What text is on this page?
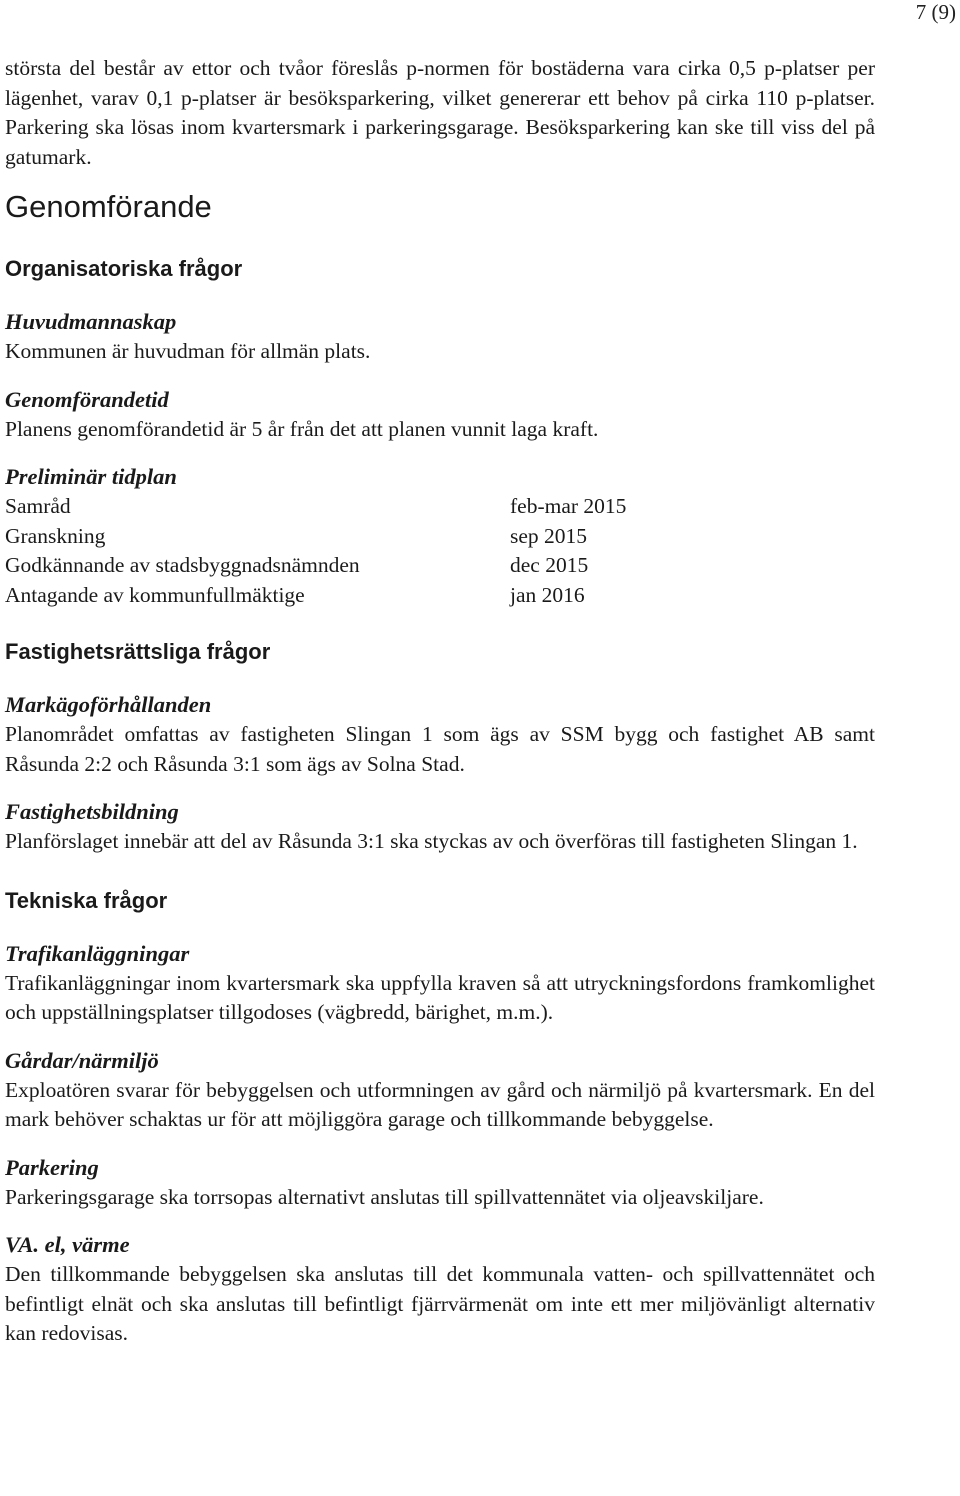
7 (9)

största del består av ettor och tvåor föreslås p-normen för bostäderna vara cirka 0,5 p-platser per lägenhet, varav 0,1 p-platser är besöksparkering, vilket genererar ett behov på cirka 110 p-platser. Parkering ska lösas inom kvartersmark i parkeringsgarage. Besöksparkering kan ske till viss del på gatumark.

Genomförande
Organisatoriska frågor
Huvudmannaskap

Kommunen är huvudman för allmän plats.

Genomförandetid

Planens genomförandetid är 5 år från det att planen vunnit laga kraft.

Preliminär tidplan
Samråd	feb-mar 2015
Granskning	sep 2015
Godkännande av stadsbyggnadsnämnden	dec 2015
Antagande av kommunfullmäktige	jan 2016
Fastighetsrättsliga frågor
Markägoförhållanden

Planområdet omfattas av fastigheten Slingan 1 som ägs av SSM bygg och fastighet AB samt Råsunda 2:2 och Råsunda 3:1 som ägs av Solna Stad.

Fastighetsbildning

Planförslaget innebär att del av Råsunda 3:1 ska styckas av och överföras till fastigheten Slingan 1.

Tekniska frågor
Trafikanläggningar

Trafikanläggningar inom kvartersmark ska uppfylla kraven så att utryckningsfordons framkomlighet och uppställningsplatser tillgodoses (vägbredd, bärighet, m.m.).

Gårdar/närmiljö

Exploatören svarar för bebyggelsen och utformningen av gård och närmiljö på kvartersmark. En del mark behöver schaktas ur för att möjliggöra garage och tillkommande bebyggelse.

Parkering

Parkeringsgarage ska torrsopas alternativt anslutas till spillvattennätet via oljeavskiljare.

VA. el, värme

Den tillkommande bebyggelsen ska anslutas till det kommunala vatten- och spillvattennätet och befintligt elnät och ska anslutas till befintligt fjärrvärmenät om inte ett mer miljövänligt alternativ kan redovisas.
